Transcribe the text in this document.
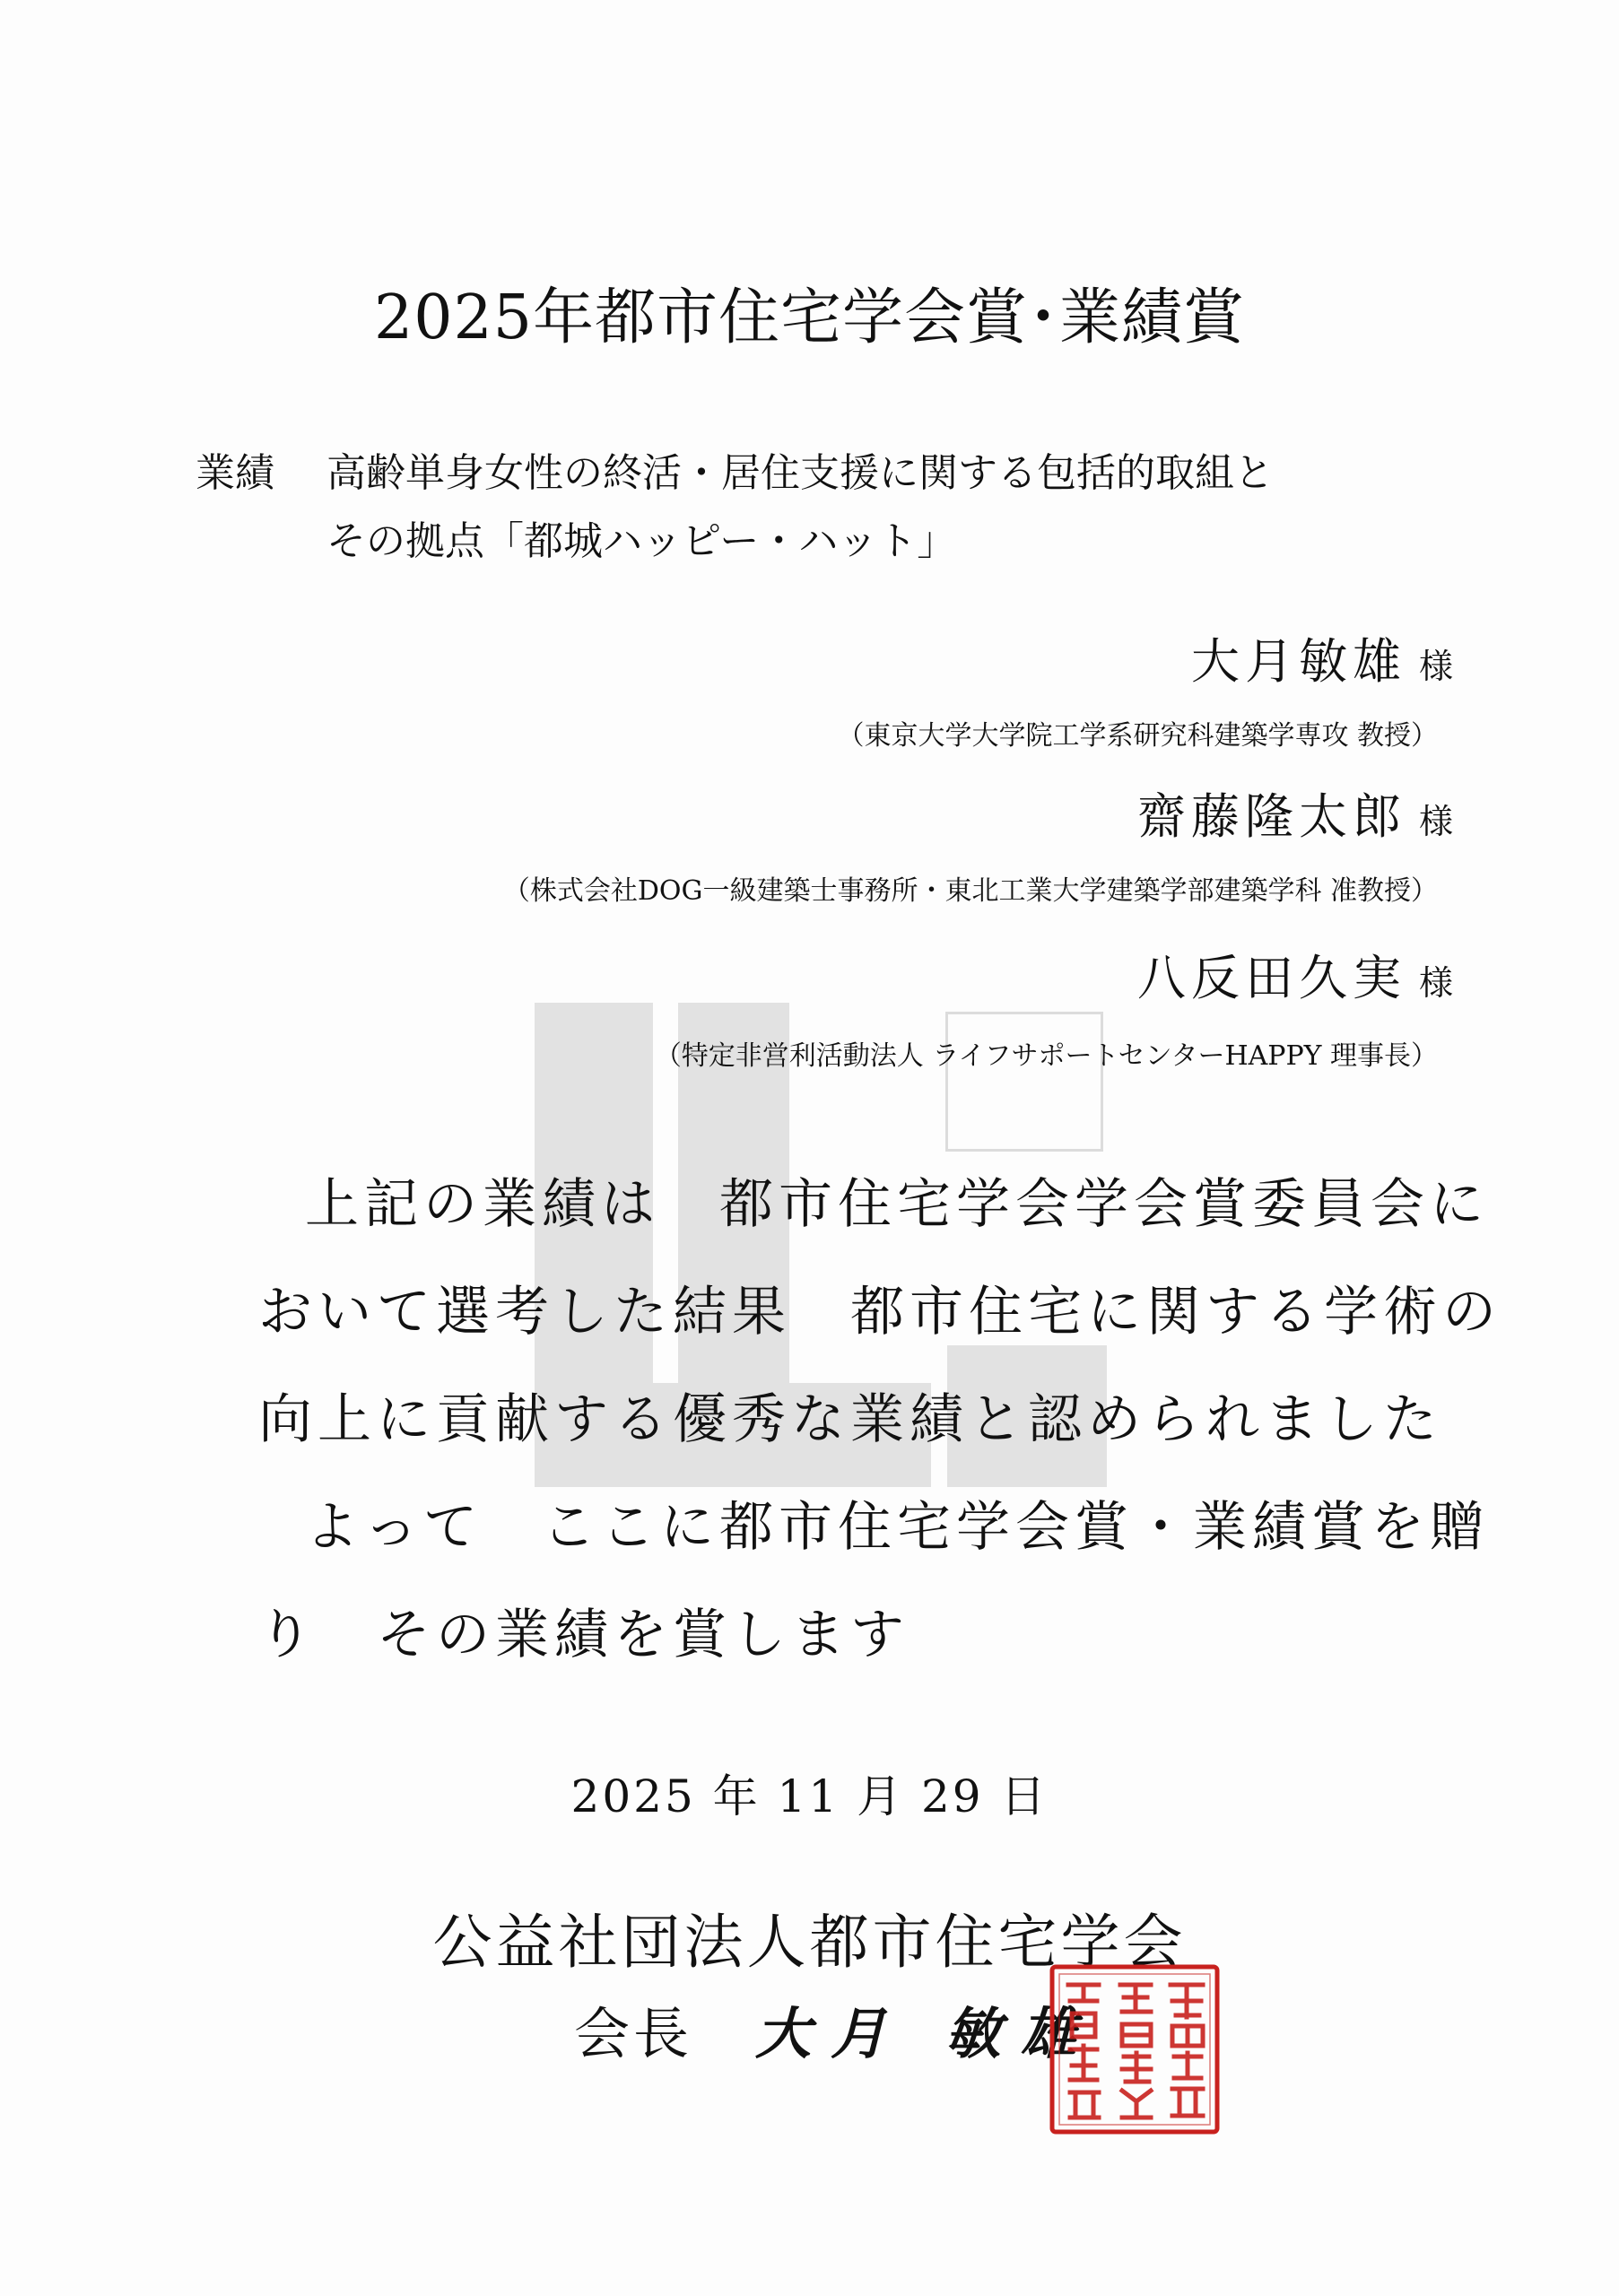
2025年都市住宅学会賞･業績賞
業績 高齢単身女性の終活・居住支援に関する包括的取組と
その拠点「都城ハッピー・ハット」
大月敏雄 様
（東京大学大学院工学系研究科建築学専攻 教授）
齋藤隆太郎 様
（株式会社DOG一級建築士事務所・東北工業大学建築学部建築学科 准教授）
八反田久実 様
（特定非営利活動法人 ライフサポートセンターHAPPY 理事長）

上記の業績は　都市住宅学会学会賞委員会に

おいて選考した結果　都市住宅に関する学術の

向上に貢献する優秀な業績と認められました

よって　ここに都市住宅学会賞・業績賞を贈

り　その業績を賞します

2025 年 11 月 29 日
公益社団法人都市住宅学会
会長 大月 敏雄
